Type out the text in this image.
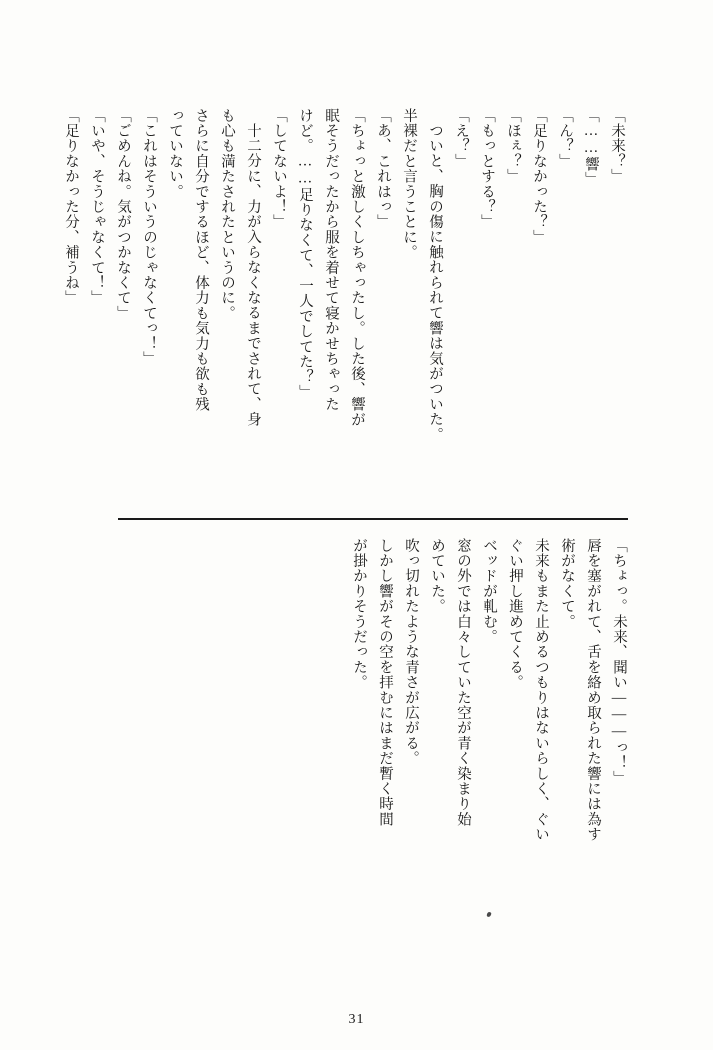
「未来？」
「……響」
「ん？」
「足りなかった？」
「ほぇ？」
「もっとする？」
「え？」
ついと、胸の傷に触れられて響は気がついた。
半裸だと言うことに。
「あ、これはっ」
「ちょっと激しくしちゃったし。した後、響が
眠そうだったから服を着せて寝かせちゃった
けど。……足りなくて、一人でしてた？」
「してないよ！」
十二分に、力が入らなくなるまでされて、身
も心も満たされたというのに。
さらに自分でするほど、体力も気力も欲も残
っていない。
「これはそういうのじゃなくてっ！」
「ごめんね。気がつかなくて」
「いや、そうじゃなくて！」
「足りなかった分、補うね」
「ちょっ。未来、聞い―――っ！」
唇を塞がれて、舌を絡め取られた響には為す
術がなくて。
未来もまた止めるつもりはないらしく、ぐい
ぐい押し進めてくる。
ベッドが軋む。
窓の外では白々していた空が青く染まり始
めていた。
吹っ切れたような青さが広がる。
しかし響がその空を拝むにはまだ暫く時間
が掛かりそうだった。
31
